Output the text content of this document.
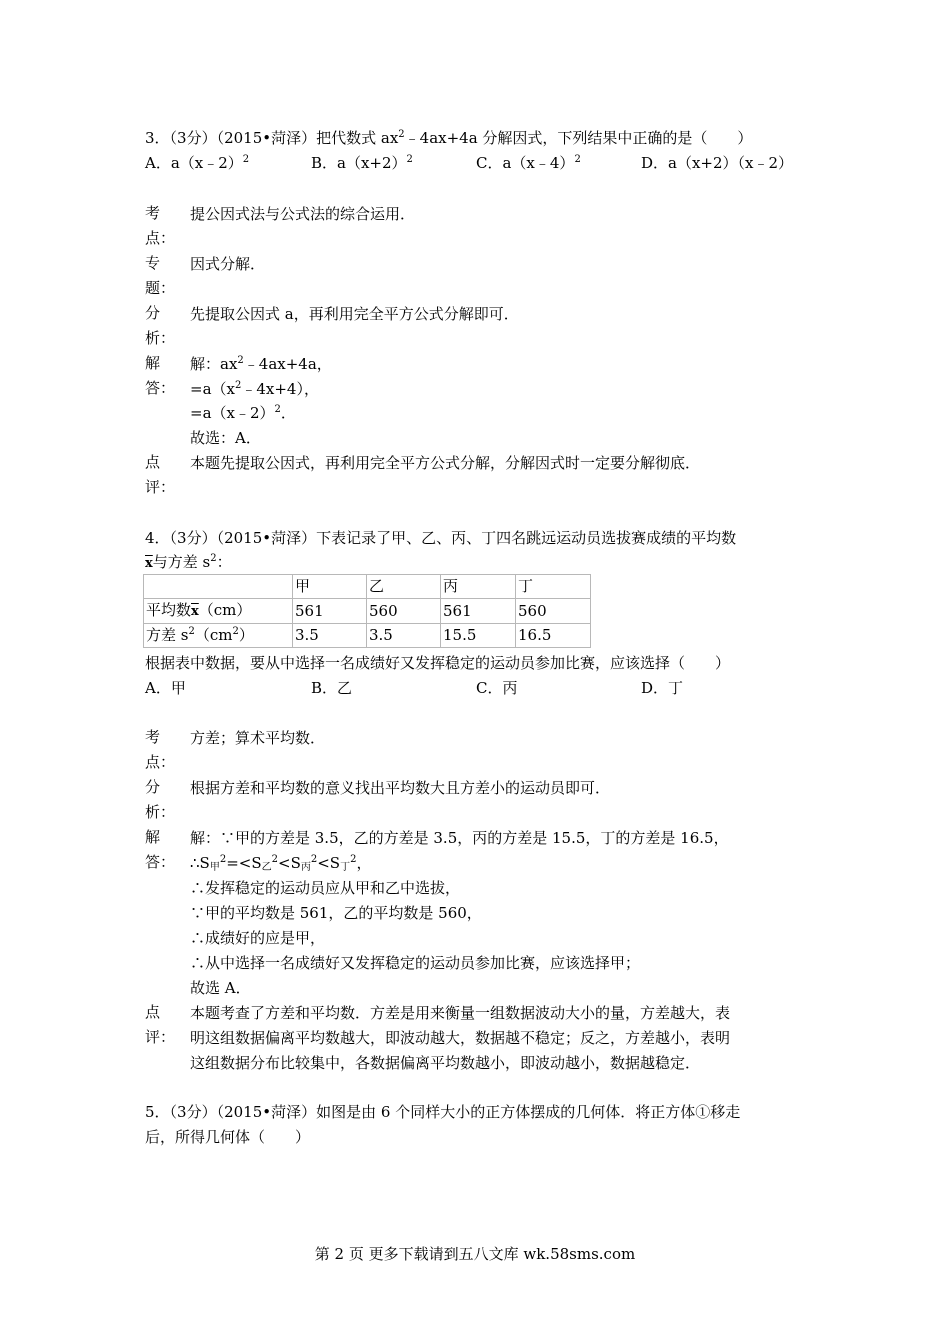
3．（3分）（2015•菏泽）把代数式 $ax^2﹣4ax+4a$ 分解因式，下列结果中正确的是（　　）
A．a（x﹣2）$^2$	B．$a(x+2)^2$	C．a（x﹣4）$^2$	D．a（x+2）（x﹣2）
考
点：
提公因式法与公式法的综合运用．
专
题：
因式分解．
分
析：
先提取公因式 a，再利用完全平方公式分解即可．
解
答：
解：$ax^2﹣4ax+4a$，
$=a(x^2﹣4x+4)$，
=a（x﹣2）$^2$．
故选：A．
点
评：
本题先提取公因式，再利用完全平方公式分解，分解因式时一定要分解彻底．
4．（3分）（2015•菏泽）下表记录了甲、乙、丙、丁四名跳远运动员选拔赛成绩的平均数
$\overline{x}$与方差 $s^2$：
	甲	乙	丙	丁
平均数$\overline{x}(cm)$	561	560	561	560
方差 $s^2(cm^2)$	3.5	3.5	15.5	16.5
根据表中数据，要从中选择一名成绩好又发挥稳定的运动员参加比赛，应该选择（　　）
A．甲	B．乙	C．丙	D．丁
考
点：
方差；算术平均数．
分
析：
根据方差和平均数的意义找出平均数大且方差小的运动员即可．
解
答：
解：∵甲的方差是 3.5，乙的方差是 3.5，丙的方差是 15.5，丁的方差是 16.5，
$\therefore S_甲^2=<S_乙^2<S_丙^2<S_丁^2$，
∴发挥稳定的运动员应从甲和乙中选拔，
∵甲的平均数是 561，乙的平均数是 560，
∴成绩好的应是甲，
∴从中选择一名成绩好又发挥稳定的运动员参加比赛，应该选择甲；
故选 A．
点
评：
本题考查了方差和平均数．方差是用来衡量一组数据波动大小的量，方差越大，表
明这组数据偏离平均数越大，即波动越大，数据越不稳定；反之，方差越小，表明
这组数据分布比较集中，各数据偏离平均数越小，即波动越小，数据越稳定．
5．（3分）（2015•菏泽）如图是由 6 个同样大小的正方体摆成的几何体．将正方体①移走
后，所得几何体（　　）
第 2 页 更多下载请到五八文库 wk.58sms.com
